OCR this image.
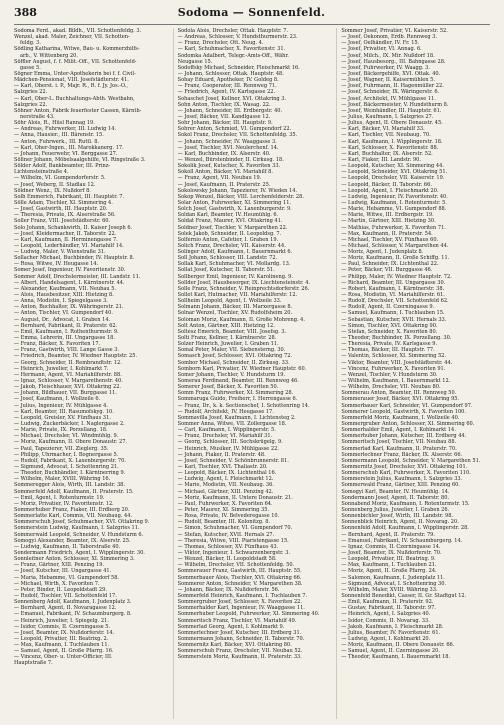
388	Sodoma — Sonnenfeld.
Sodoma Ferd., akad. Bildh., VII. Schottenfeldg. 3.
Wenzel, akad. Maler, Zeichner, VII. Schotten-
feldg. 3.
Södling Katharina, Witwe, Bau- u. Kommerzhilfs-
arb., V. Wittenberg 20.
Söffler August, f. f. Milit.-Off., VII. Schottenfeld-
gasse 5.
Sögner Emma, Unter-Apothekerin bei f. f. Civil-
Mädchen-Pensionat, VIII. Josefstädterstr. 41.
— Karl, Oberst. i. P., Majr. R., R. f. Jy. Jos.-O.,
Salzgries 22.
— Karl, Ober-L. Buchhaltungs-Abth. Westbahn,
Salzgries 22.
Söhner Anton, Fabrik feuerfester Cassen, Kärnth-
nerstraße 43.
Söhr Alois, R., Hüsl Rannag 19.
— Andreas, Fuhrwerker, III. Ludwig 14.
— Anna, Hausier., III. Bärenstr. 15.
— Anton, Fuhrwerk., III. Ruttl. 8.
— Karl, Ober-Ingen., III. Marokkanerg. 17.
— Johann, Feuerwehr, VI. Berggasse 27.
Söllner Johann, Möbelsaalgehilfe, VI. Ringstraße 3.
Sölder Adolf, Bankbeamter, III. Prinz-
Lichtensteinstraße 4.
— Wilhelm, VI. Gumpendorferstr. 5.
— Josef, Weberg, II. Stadlau 12.
Söldner Wenz., IX. Nußdorf 8.
Solb Emmerich, Fabrikant, III. Hauptstr. 7.
Sölle Adam, Tischler, XI. Simmering 4.
— Josef, Gastwirth, III. Hauptstr. 20.
— Theresia, Private, IX. Alserstraße 56.
Soller Franz, VIII. Josefstädterstr. 60.
Solo Johann, Schankwirth, II. Kaiser Joseph 6.
— Josef, Kleidermacher, II. Taborstr. 22.
— Karl, Kaufmann, II. Herminengasse 7.
— Leopold, Lederhändler, VI. Mariahilf 14.
— Ludwig, Maler, V. Wienstraße 31.
Sollacher Michael, Buchbinder, IV. Hauptstr. 8.
— Rosa, Witwe, IV. Heugasse 14.
Somer Josef, Ingenieur, IV. Favoritenstr. 30.
Sommer Adolf, Drechslermeister, III. Landstr. 11.
— Albert, Handelsagent, I. Kärntnerstr. 44.
— Alexander, Kaufmann, VII. Neubau 5.
— Alois, Hausbesitzer, XIII. Hietzing 8.
— Anna, Modistin, I. Spiegelgasse 3.
— Anton, Buchhalter, IX. Währingerstr. 21.
— Anton, Tischler, VI. Gumpendorf 40.
— August, Dr., Advocat, I. Graben 14.
— Bernhard, Fabrikant, II. Praterstr. 62.
— Emil, Kaufmann, I. Rothenthurmstr. 9.
— Emma, Lehrerin, III. Ungargasse 18.
— Franz, Bäcker, X. Favoriten 17.
— Franz, Gastwirth, VIII. Lange Gasse 3.
— Friedrich, Beamter, IV. Wiedner Hauptstr. 25.
— Georg, Schneider, II. Rembrandtstr. 12.
— Heinrich, Juwelier, I. Kohlmarkt 7.
— Hermann, Agent, VI. Mariahilferstr. 88.
— Ignaz, Schlosser, V. Margarethenstr. 40.
— Jakob, Fleischhauer, XVI. Ottakring 22.
— Johann, Bildhauer, VII. Burggasse 11.
— Josef, Kaufmann, I. Wollzeile 6.
— Julius, Ingenieur, IV. Mühlgasse 4.
— Karl, Beamter, III. Rasumofskyg. 10.
— Leopold, Greisler, XV. Fünfhaus 31.
— Ludwig, Zuckerbäcker, I. Naglergasse 2.
— Marie, Private, IX. Porzellang. 18.
— Michael, Drechsler, VI. Windmühlg. 9.
— Moriz, Kaufmann, II. Obere Donaustr. 27.
— Paul, Tapezierer, VII. Zieglerg. 35.
— Philipp, Uhrmacher, I. Bognergasse 5.
— Rudolf, Fabrikant, X. Laxenburgerstr. 70.
— Sigmund, Advocat, I. Schottenring 21.
— Theodor, Buchhändler, I. Kärntnerring 9.
— Wilhelm, Maler, XVIII. Währing 16.
Sommeregger Alois, Wirth, III. Landstr. 38.
Sommerfeld Adolf, Kaufmann, II. Praterstr. 15.
— Emil, Agent, I. Rotenturmstr. 19.
— Moriz, Privatier, IV. Favoritenstr. 12.
Sommerhuber Franz, Fiaker, III. Erdberg 20.
Sommerlatte Karl, Commis, VII. Neubaug. 44.
Sommerschuh Josef, Schuhmacher, XVI. Ottakring 9.
Sommerstein Ludwig, Kaufmann, I. Salzgries 11.
Sommerwald Leopold, Schneider, V. Hundsturm 6.
Somogyi Alexander, Beamter, IX. Alserstr. 25.
— Ludwig, Kaufmann, II. Taborstraße 40.
Sondermann Friedrich, Agent, I. Wipplingerstr. 30.
Sonnleitner Anton, Schlosser, XI. Simmering 3.
— Franz, Gärtner, XIII. Penzing 19.
— Josef, Kutscher, III. Ungargasse 41.
— Maria, Hebamme, VI. Gumpendorf 58.
— Michael, Wirth, X. Favoriten 7.
— Peter, Binder, II. Leopoldstadt 29.
— Rudolf, Tischler, VII. Schottenfeld 17.
Sonnenberg Adolf, Kaufmann, I. Judenplatz 3.
— Bernhard, Agent, II. Novaragasse 12.
— Emanuel, Fabrikant, IV. Schaumburgerg. 8.
— Heinrich, Juwelier, I. Spiegelg. 21.
— Isidor, Commis, II. Czerningasse 5.
— Josef, Beamter, IX. Nußdorferstr. 14.
— Leopold, Privatier, III. Beatrixg. 2.
— Max, Kaufmann, I. Tuchlauben 11.
— Samuel, Agent, II. Große Pfarrg. 16.
— Vincenz, Ober- u. Unter-Officier, III.
Hauptstraße 7.
Sodola Alois, Drechsler, Ottak. Hauptstr. 7.
— Andreas, Schlosser, V. Hundsthurmerstr. 23.
— Franz, Drechsler, Ott. Neug. 4.
— Karl, Schuhmacher, X. Favoritenstr. 31.
Sodomka Adalbert, Telegr.-Amts-Off., Währ.
Neugasse 15.
Sodoffsky Michael, Schneider, Fleischmarkt 16.
— Johann, Schlosser, Ottak. Hauptstr. 48.
Sohay Eduard, Apotheker, IV. Goldeg 8.
— Franz, Cooperator, III. Rennweg 71.
— Friedrich, Agent, IV. Karlsgasse 22.
Sohaschet Josef, Kellner, XVI. Ottakring 3.
Sohn Anton, Tischler, IX. Wasag. 22.
— Johann, Schneider, III. Erdbergstr. 40.
— Josef, Bäcker, VII. Kandlgasse 12.
Sohr Johann, Bäcker, III. Hauptstr. 9.
Sohrer Anton, Schmied, VI. Gumpendorf 22.
Sokol Franz, Drechsler, VII. Schottenfeldg. 35.
— Johann, Schneider, IV. Waaggasse 3.
— Josef, Tischler, XVI. Neulerchenf. 14.
— Karl, Buchbinder, IX. Alserstr. 40.
— Wenzel, Bürstenbinder, II. Cirkusg. 18.
Sokolik Josef, Kutscher, X. Favoriten 33.
Sokoll Anton, Bäcker, VI. Mariahilf 8.
— Franz, Agent, VII. Neubau 19.
— Josef, Kaufmann, II. Praterstr. 25.
Sokolowsky Johann, Tapezierer, IV. Wieden 14.
Sokop Wenzel, Bäcker, VIII. Lerchenfelderstr. 28.
Solar Anton, Fuhrwerker, XI. Simmering 11.
Solch Josef, Gastwirth, X. Laxenburgerstr. 9.
Soldan Karl, Beamter, IV. Heumühlg. 6.
Soldat Franz, Maurer, XVI. Ottakring 41.
Soldner Josef, Tischler, V. Margarethen 22.
Solek Jakob, Schneider, II. Leopoldsg. 7.
Solfernio Anton, Cafetier, I. Graben 19.
Solich Franz, Drechsler, VII. Kaiserstr. 44.
Solinger Adolf, Kaufmann, I. Bauernmarkt 6.
Soll Johann, Schlosser, III. Landstr. 72.
Sollak Karl, Schuhmacher, VI. Mollardg. 13.
Sollat Josef, Kutscher, II. Taborstr. 51.
Sollberger Emil, Ingenieur, IV. Karolineng. 9.
Sollder Josef, Hausbesorger, IX. Liechtensteinstr. 4.
Solle Franz, Schneider, V. Reinprechtsdorferstr. 26.
Sollet Karl, Hutmacher, VII. Mariahilferstr. 12.
Sollheim Leopold, Agent, I. Wollzeile 33.
Solmann Johann, Bäcker, III. Marxergasse 8.
Solnar Wenzel, Tischler, XV. Rudolfsheim 20.
Soloman Moriz, Kaufmann, II. Große Mohreng. 4.
Solt Anton, Gärtner, XIII. Hietzing 12.
Soltész Emerich, Beamter, VIII. Josefsg. 3.
Solti Franz, Kellner, I. Kärntnerstr. 28.
Solzer Heinrich, Juwelier, I. Graben 11.
Somal Peter, Maler, VII. Siebensterng. 30.
Somasch Josef, Schlosser, XVI. Ottakring 72.
Sombor Michael, Schneider, II. Zirkusg. 33.
Somborn Karl, Privatier, IV. Wiedner Hauptstr. 60.
Somer Johann, Tischler, V. Hundsturm 19.
Somerau Ferdinand, Beamter, III. Rennweg 46.
Somerer Josef, Bäcker, X. Favoriten 50.
Somm Franz, Fuhrwerker, XI. Simmering 28.
Sommaruga Guido, Freiherr, I. Herrengasse 6.
— Franz, Dr., k. k. Sectionschef, I. Schottenring 14.
— Rudolf, Architekt, IV. Heugasse 17.
Sommavilla Josef, Kaufmann, I. Lichtensteg 2.
Sommer Anna, Witwe, VII. Zollergasse 18.
— Carl, Kaufmann, I. Wipplingerstr. 5.
— Franz, Drechsler, VI. Mariahilf 31.
— Georg, Schlosser, III. Sechskrügelg. 9.
— Heinrich, Musiker, IV. Mühlgasse 22.
— Johann, Fiaker, II. Praterstr. 48.
— Josef, Schneider, V. Schönbrunnerstr. 81.
— Karl, Tischler, XVI. Thaliastr. 20.
— Leopold, Bäcker, IX. Lichtenthal 16.
— Ludwig, Agent, I. Fleischmarkt 12.
— Marie, Modistin, VII. Neubaug. 36.
— Michael, Gärtner, XIII. Penzing 42.
— Moriz, Kaufmann, II. Untere Donaustr. 21.
— Paul, Fuhrwerker, X. Favoriten 64.
— Peter, Maurer, XI. Simmering 35.
— Rosa, Private, IV. Belvederegasse 10.
— Rudolf, Beamter, III. Kolonitzg. 8.
— Simon, Schuhmacher, VI. Gumpendorf 70.
— Stefan, Kutscher, XVII. Hernals 27.
— Theresia, Witwe, VIII. Piaristengasse 15.
— Thomas, Schlosser, XV. Fünfhaus 43.
— Viktor, Ingenieur, I. Schwarzenbergstr. 3.
— Wenzel, Bäcker, II. Leopoldstadt 58.
— Wilhelm, Drechsler, VII. Schottenfeldg. 50.
Sommerauer Franz, Gastwirth, III. Hauptstr. 55.
Sommerbauer Alois, Tischler, XVI. Ottakring 66.
Sommerer Anton, Schneider, V. Margarethen 38.
— Johann, Bäcker, IX. Nußdorferstr. 56.
Sommerfeld Heinrich, Kaufmann, I. Tuchlauben 7.
Sommergruber Josef, Schlosser, X. Favoriten 22.
Sommerhalder Karl, Ingenieur, IV. Waaggasse 11.
Sommerhuber Leopold, Fuhrwerker, XI. Simmering 40.
Sommeritsch Franz, Tischler, VI. Mariahilf 49.
Sommerlad Georg, Agent, I. Kohlmarkt 9.
Sommerlechner Josef, Kutscher, III. Erdberg 31.
Sommermann Johann, Schneider, II. Taborstr. 70.
Sommernitz Karl, Bäcker, XVI. Ottakring 80.
Sommerschuh Franz, Drechsler, VII. Neubau 52.
Sommerstein Moriz, Kaufmann, II. Praterstr. 33.
Sommer Josef, Privatier, VI. Kaiserstr. 52.
— Josef, Oekonom, Erdb. Rennweg 3.
— Josef, Oelhändler, IV. Fr. 15.
— Josef, Privatier, VI. Annag. 6.
— Josef, Milch., IX. Mir. Nußdorf 18.
— Josef, Hausbesorg., III. Bahngasse 28.
— Josef, Fuhrwerker, IV. Waagg. 3.
— Josef, Bäckergehilfe, XVI. Ottak. 40.
— Josef, Wagner, II. Kaisermühlen 5.
— Josef, Fuhrmann, II. Hagenmüller 22.
— Josef, Schneider, IX. Wäringerstr. 6.
— Josef, Architekt, IV. Mühlgasse 11.
— Josef, Bäckermeister, V. Hundsthurm 8.
— Josef, Weinhändler, III. Hauptstr. 61.
— Julius, Kaufmann, I. Salzgries 27.
— Julius, Agent, II. Obere Donaustr. 45.
— Karl, Bäcker, VI. Mariahilf 33.
— Karl, Tischler, VII. Neubaug. 70.
— Karl, Kaufmann, I. Wipplingerstr. 18.
— Karl, Schlosser, X. Favoritenstr. 88.
— Karl, Buchhalter, IX. Alserstr. 52.
— Karl, Fiaker, III. Landstr. 90.
— Leopold, Kutscher, XI. Simmering 44.
— Leopold, Schneider, XVI. Ottakring 51.
— Leopold, Drechsler, VII. Kaiserstr. 19.
— Leopold, Bäcker, II. Taborstr. 66.
— Leopold, Agent, I. Fleischmarkt 20.
— Ludwig, Ingenieur, IV. Favoritenstr. 40.
— Ludwig, Kaufmann, I. Rotenturmstr. 5.
— Marie, Hebamme, VI. Gumpendorf 88.
— Marie, Witwe, III. Erdbergstr. 19.
— Martin, Gärtner, XIII. Hietzing 30.
— Mathias, Fuhrwerker, X. Favoriten 71.
— Max, Kaufmann, II. Praterstr. 54.
— Michael, Tischler, XV. Fünfhaus 60.
— Michael, Schlosser, V. Margarethen 44.
— Moriz, Agent, I. Judenplatz 8.
— Moriz, Kaufmann, II. Große Schiffg. 11.
— Paul, Schneider, IX. Lichtenthal 22.
— Peter, Bäcker, VII. Burggasse 46.
— Philipp, Maler, IV. Wiedner Hauptstr. 72.
— Richard, Beamter, III. Ungargasse 30.
— Robert, Kaufmann, I. Kärntnerstr. 38.
— Rosa, Modistin, VI. Mariahilferstr. 61.
— Rudolf, Drechsler, VII. Schottenfeld 62.
— Rudolf, Agent, II. Czerningasse 9.
— Samuel, Kaufmann, I. Tuchlauben 15.
— Sebastian, Kutscher, XVII. Hernals 33.
— Simon, Tischler, XVI. Ottakring 90.
— Stefan, Schneider, X. Favoriten 80.
— Theodor, Buchbinder, IX. Porzellang. 30.
— Theresia, Private, IV. Karlsgasse 9.
— Thomas, Bäcker, III. Hauptstr. 77.
— Valentin, Schlosser, XI. Simmering 52.
— Viktor, Beamter, VIII. Josefstädterstr. 44.
— Vincenz, Fuhrwerker, X. Favoriten 91.
— Wenzel, Tischler, V. Hundsturm 30.
— Wilhelm, Kaufmann, I. Bauernmarkt 12.
— Wilhelm, Drechsler, VII. Neubau 80.
Sommerau Anton, Beamter, III. Rennweg 50.
Sommerauer Josef, Bäcker, XVI. Ottakring 95.
Sommerbauer Karl, Schneider, VI. Gumpendorf 97.
Sommerer Leopold, Gastwirth, X. Favoriten 100.
Sommerfeld Moriz, Kaufmann, I. Wollzeile 40.
Sommergruber Anton, Schlosser, XI. Simmering 60.
Sommerhalder Emil, Agent, I. Kohlmarkt 14.
Sommerhuber Johann, Kutscher, III. Erdberg 44.
Sommeritsch Josef, Tischler, VII. Neubau 88.
Sommerlad Karl, Kaufmann, II. Praterstr. 70.
Sommerlechner Franz, Bäcker, IX. Alserstr. 66.
Sommermann Leopold, Schneider, V. Margarethen 51.
Sommernitz Josef, Drechsler, XVI. Ottakring 101.
Sommerschuh Karl, Fuhrwerker, X. Favoriten 110.
Sommerstein Julius, Kaufmann, I. Salzgries 33.
Sommerwald Franz, Gärtner, XIII. Penzing 60.
Somogyi Karl, Beamter, IV. Heumühlg. 14.
Sondermann Josef, Agent, II. Taborstr. 80.
Sonnabend Moriz, Kaufmann, I. Rotenturmstr. 15.
Sonnenberg Julius, Juwelier, I. Graben 26.
Sonnenbichler Josef, Wirth, III. Landstr. 98.
Sonnenblick Heinrich, Agent, II. Novarag. 20.
Sonnenfeld Adolf, Kaufmann, I. Wipplingerstr. 28.
— Bernhard, Agent, II. Praterstr. 79.
— Emanuel, Fabrikant, IV. Schaumburgerg. 14.
— Ignaz, Commis, II. Czerningasse 14.
— Josef, Beamter, IX. Nußdorferstr. 70.
— Leopold, Privatier, III. Beatrixg. 9.
— Max, Kaufmann, I. Tuchlauben 21.
— Moriz, Agent, II. Große Pfarrg. 24.
— Salomon, Kaufmann, I. Judenplatz 11.
— Sigmund, Advocat, I. Schottenring 30.
— Wilhelm, Maler, XVIII. Währing 33.
Sonnenfeld Benedikt, Casser, II. Gr. Stadtgut 12.
— Emil, Kaufmann, II. Praterstr. 92.
— Gustav, Fabrikant, II. Taborstr. 97.
— Heinrich, Agent, I. Salzgries 40.
— Isidor, Commis, II. Novarag. 33.
— Jakob, Kaufmann, I. Fleischmarkt 28.
— Julius, Beamter, IV. Favoritenstr. 61.
— Ludwig, Agent, I. Kohlmarkt 20.
— Moriz, Kaufmann, II. Obere Donaustr. 66.
— Samuel, Agent, II. Czerningasse 20.
— Theodor, Kaufmann, I. Bauernmarkt 18.
